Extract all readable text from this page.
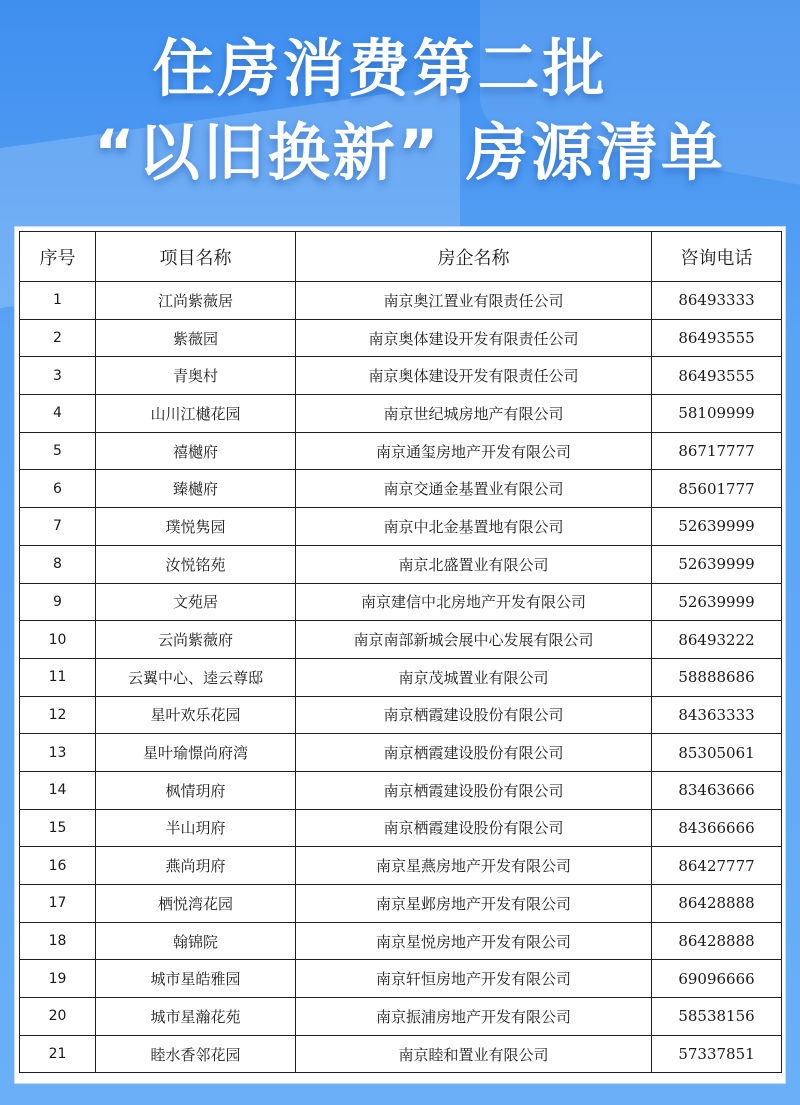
住房消费第二批
“以旧换新” 房源清单
序号	项目名称	房企名称	咨询电话
1	江尚紫薇居	南京奥江置业有限责任公司	86493333
2	紫薇园	南京奥体建设开发有限责任公司	86493555
3	青奥村	南京奥体建设开发有限责任公司	86493555
4	山川江樾花园	南京世纪城房地产有限公司	58109999
5	禧樾府	南京通玺房地产开发有限公司	86717777
6	臻樾府	南京交通金基置业有限公司	85601777
7	璞悦隽园	南京中北金基置地有限公司	52639999
8	汝悦铭苑	南京北盛置业有限公司	52639999
9	文苑居	南京建信中北房地产开发有限公司	52639999
10	云尚紫薇府	南京南部新城会展中心发展有限公司	86493222
11	云翼中心、逵云尊邸	南京茂城置业有限公司	58888686
12	星叶欢乐花园	南京栖霞建设股份有限公司	84363333
13	星叶瑜憬尚府湾	南京栖霞建设股份有限公司	85305061
14	枫情玥府	南京栖霞建设股份有限公司	83463666
15	半山玥府	南京栖霞建设股份有限公司	84366666
16	燕尚玥府	南京星燕房地产开发有限公司	86427777
17	栖悦湾花园	南京星邺房地产开发有限公司	86428888
18	翰锦院	南京星悦房地产开发有限公司	86428888
19	城市星皓雅园	南京轩恒房地产开发有限公司	69096666
20	城市星瀚花苑	南京振浦房地产开发有限公司	58538156
21	睦水香邻花园	南京睦和置业有限公司	57337851
